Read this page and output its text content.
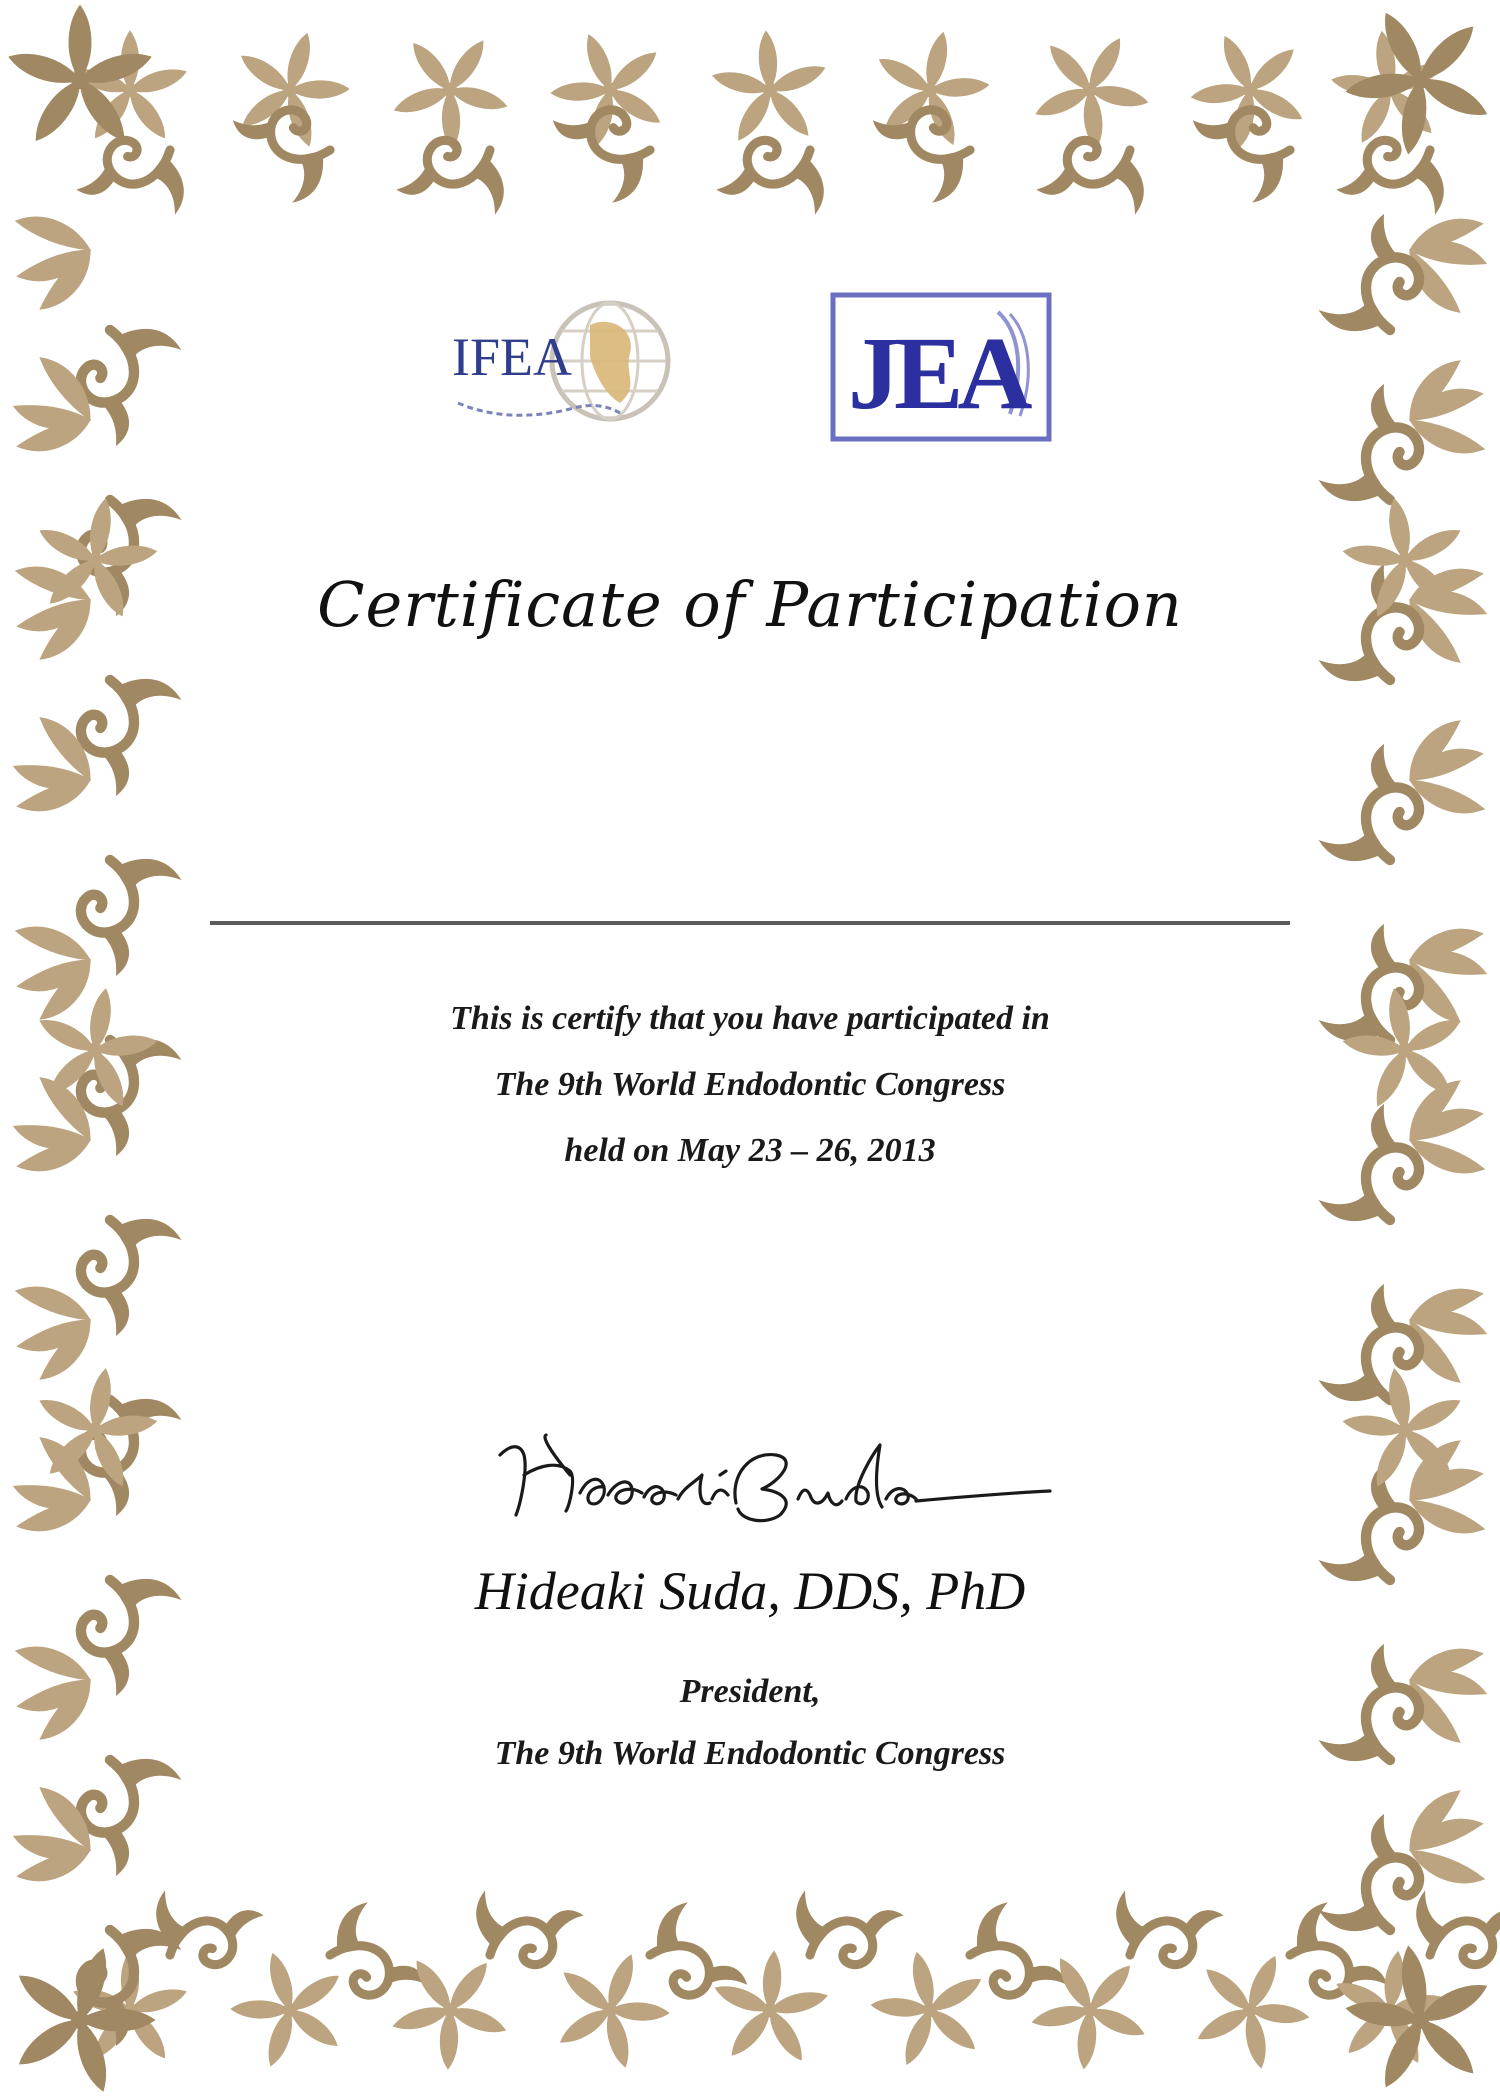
IFEA	JEA
Certificate of Participation
This is certify that you have participated in
The 9th World Endodontic Congress
held on May 23 – 26, 2013
Hideaki Suda, DDS, PhD
President,
The 9th World Endodontic Congress
